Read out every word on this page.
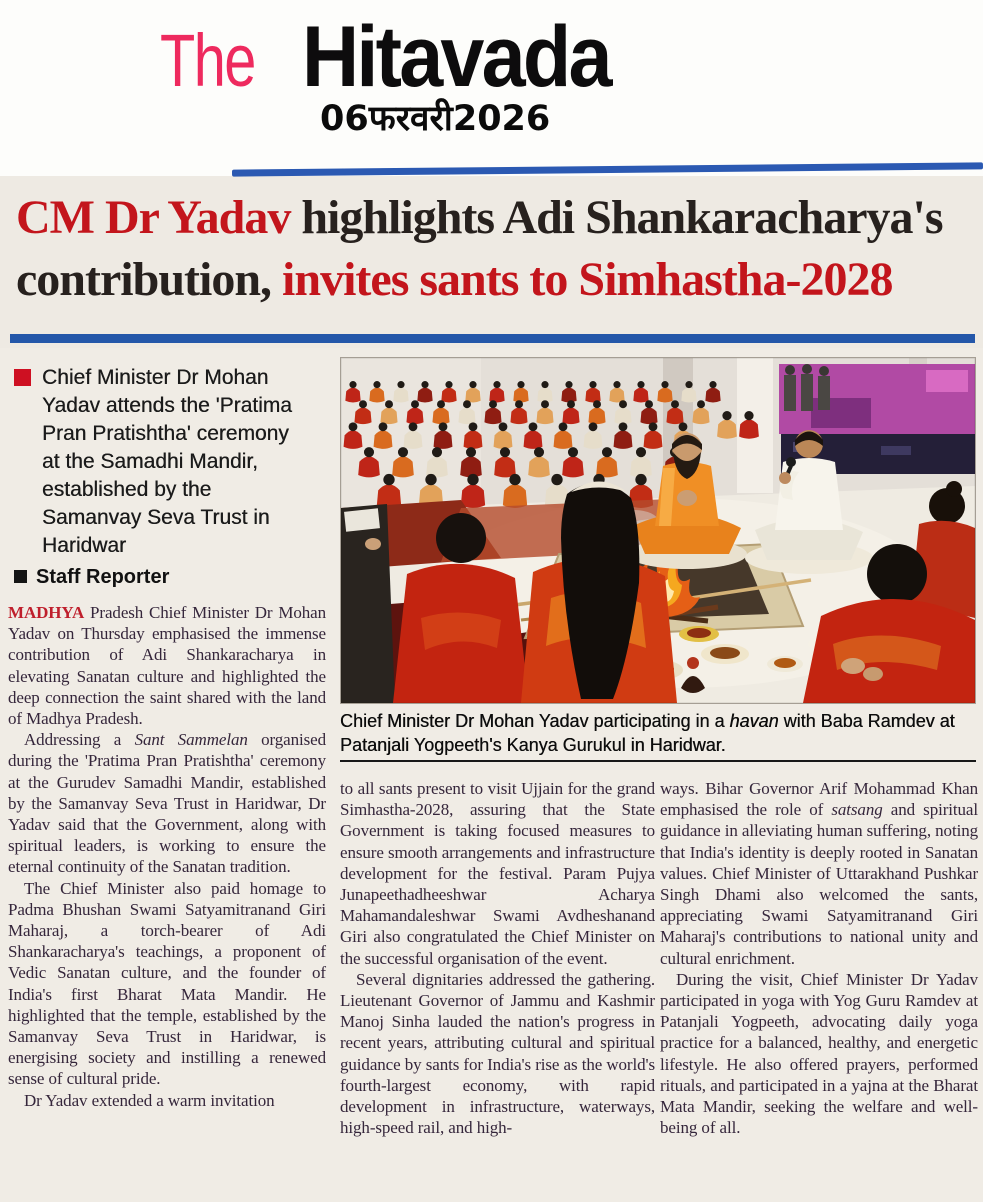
The Hitavada
06फरवरी2026
CM Dr Yadav highlights Adi Shankaracharya's
contribution, invites sants to Simhastha-2028
Chief Minister Dr Mohan Yadav attends the 'Pratima Pran Pratishtha' ceremony at the Samadhi Mandir, established by the Samanvay Seva Trust in Haridwar
Staff Reporter
Chief Minister Dr Mohan Yadav participating in a havan with Baba Ramdev at Patanjali Yogpeeth's Kanya Gurukul in Haridwar.

MADHYA Pradesh Chief Minister Dr Mohan Yadav on Thursday emphasised the immense contribution of Adi Shankaracharya in elevating Sanatan culture and highlighted the deep connection the saint shared with the land of Madhya Pradesh.

Addressing a Sant Sammelan organised during the 'Pratima Pran Pratishtha' ceremony at the Gurudev Samadhi Mandir, established by the Samanvay Seva Trust in Haridwar, Dr Yadav said that the Government, along with spiritual leaders, is working to ensure the eternal continuity of the Sanatan tradition.

The Chief Minister also paid homage to Padma Bhushan Swami Satyamitranand Giri Maharaj, a torch-bearer of Adi Shankaracharya's teachings, a proponent of Vedic Sanatan culture, and the founder of India's first Bharat Mata Mandir. He highlighted that the temple, established by the Samanvay Seva Trust in Haridwar, is energising society and instilling a renewed sense of cultural pride.

Dr Yadav extended a warm invitation

to all sants present to visit Ujjain for the grand Simhastha-2028, assuring that the State Government is taking focused measures to ensure smooth arrangements and infrastructure development for the festival. Param Pujya Junapeethadheeshwar Acharya Mahamandaleshwar Swami Avdheshanand Giri also congratulated the Chief Minister on the successful organisation of the event.

Several dignitaries addressed the gathering. Lieutenant Governor of Jammu and Kashmir Manoj Sinha lauded the nation's progress in recent years, attributing cultural and spiritual guidance by sants for India's rise as the world's fourth-largest economy, with rapid development in infrastructure, waterways, high-speed rail, and high-

ways. Bihar Governor Arif Mohammad Khan emphasised the role of satsang and spiritual guidance in alleviating human suffering, noting that India's identity is deeply rooted in Sanatan values. Chief Minister of Uttarakhand Pushkar Singh Dhami also welcomed the sants, appreciating Swami Satyamitranand Giri Maharaj's contributions to national unity and cultural enrichment.

During the visit, Chief Minister Dr Yadav participated in yoga with Yog Guru Ramdev at Patanjali Yogpeeth, advocating daily yoga practice for a balanced, healthy, and energetic lifestyle. He also offered prayers, performed rituals, and participated in a yajna at the Bharat Mata Mandir, seeking the welfare and well-being of all.
